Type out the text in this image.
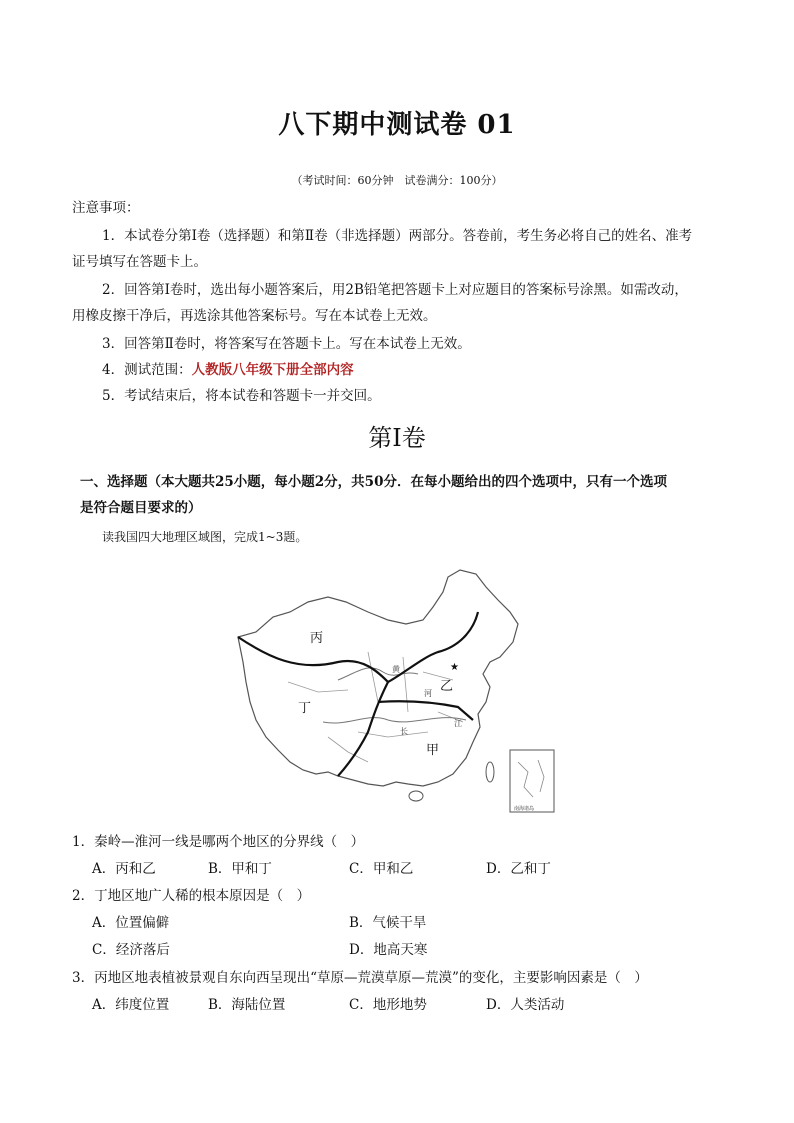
八下期中测试卷 01
（考试时间：60分钟　试卷满分：100分）
注意事项：
1．本试卷分第Ⅰ卷（选择题）和第Ⅱ卷（非选择题）两部分。答卷前，考生务必将自己的姓名、准考
证号填写在答题卡上。
2．回答第Ⅰ卷时，选出每小题答案后，用2B铅笔把答题卡上对应题目的答案标号涂黑。如需改动，
用橡皮擦干净后，再选涂其他答案标号。写在本试卷上无效。
3．回答第Ⅱ卷时，将答案写在答题卡上。写在本试卷上无效。
4．测试范围：人教版八年级下册全部内容
5．考试结束后，将本试卷和答题卡一并交回。
第Ⅰ卷
一、选择题（本大题共25小题，每小题2分，共50分．在每小题给出的四个选项中，只有一个选项
是符合题目要求的）
读我国四大地理区域图，完成1~3题。
丙
丁
乙
甲
黄
河
长
江
★
南海诸岛
1．秦岭—淮河一线是哪两个地区的分界线（　）
A．丙和乙	B．甲和丁	C．甲和乙	D．乙和丁
2．丁地区地广人稀的根本原因是（　）
A．位置偏僻	B．气候干旱
C．经济落后	D．地高天寒
3．丙地区地表植被景观自东向西呈现出“草原—荒漠草原—荒漠”的变化，主要影响因素是（　）
A．纬度位置	B．海陆位置	C．地形地势	D．人类活动
